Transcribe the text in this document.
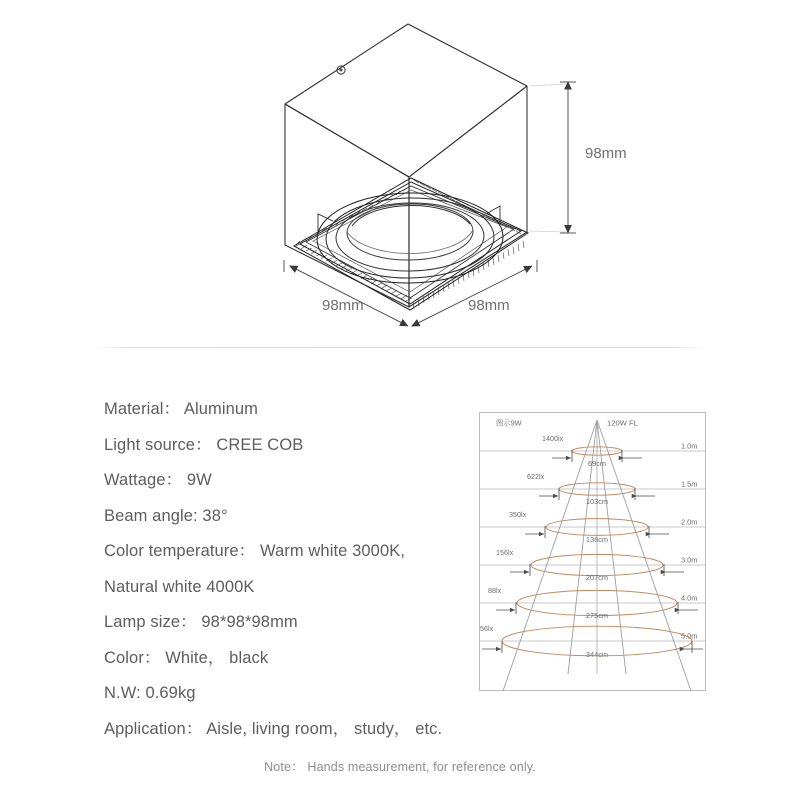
98mm
98mm	98mm
Material： Aluminum
Light source： CREE COB
Wattage： 9W
Beam angle: 38°
Color temperature： Warm white 3000K,
Natural white 4000K
Lamp size： 98*98*98mm
Color： White， black
N.W: 0.69kg
Application： Aisle, living room， study， etc.
图示9W	120W FL
1.0m
1.5m
2.0m
3.0m
4.0m
5.0m
1400lx
622lx
350lx
156lx
88lx
56lx
69cm
103cm
138cm
207cm
275cm
344cm
Note： Hands measurement, for reference only.
